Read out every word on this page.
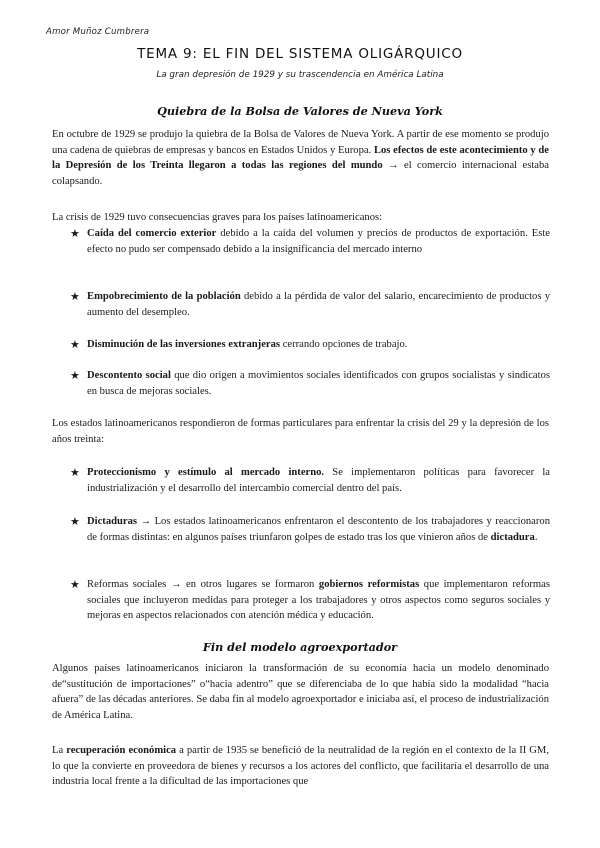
Amor Muñoz Cumbrera
TEMA 9: EL FIN DEL SISTEMA OLIGÁRQUICO
La gran depresión de 1929 y su trascendencia en América Latina
Quiebra de la Bolsa de Valores de Nueva York
En octubre de 1929 se produjo la quiebra de la Bolsa de Valores de Nueva York. A partir de ese momento se produjo una cadena de quiebras de empresas y bancos en Estados Unidos y Europa. Los efectos de este acontecimiento y de la Depresión de los Treinta llegaron a todas las regiones del mundo → el comercio internacional estaba colapsando.
La crisis de 1929 tuvo consecuencias graves para los países latinoamericanos:
★ Caída del comercio exterior debido a la caída del volumen y precios de productos de exportación. Este efecto no pudo ser compensado debido a la insignificancia del mercado interno
★ Empobrecimiento de la población debido a la pérdida de valor del salario, encarecimiento de productos y aumento del desempleo.
★ Disminución de las inversiones extranjeras cerrando opciones de trabajo.
★ Descontento social que dio origen a movimientos sociales identificados con grupos socialistas y sindicatos en busca de mejoras sociales.
Los estados latinoamericanos respondieron de formas particulares para enfrentar la crisis del 29 y la depresión de los años treinta:
★ Proteccionismo y estímulo al mercado interno. Se implementaron políticas para favorecer la industrialización y el desarrollo del intercambio comercial dentro del país.
★ Dictaduras → Los estados latinoamericanos enfrentaron el descontento de los trabajadores y reaccionaron de formas distintas: en algunos países triunfaron golpes de estado tras los que vinieron años de dictadura.
★ Reformas sociales → en otros lugares se formaron gobiernos reformistas que implementaron reformas sociales que incluyeron medidas para proteger a los trabajadores y otros aspectos como seguros sociales y mejoras en aspectos relacionados con atención médica y educación.
Fin del modelo agroexportador
Algunos países latinoamericanos iniciaron la transformación de su economía hacia un modelo denominado de“sustitución de importaciones” o“hacia adentro” que se diferenciaba de lo que había sido la modalidad “hacia afuera” de las décadas anteriores. Se daba fin al modelo agroexportador e iniciaba así, el proceso de industrialización de América Latina.
La recuperación económica a partir de 1935 se benefició de la neutralidad de la región en el contexto de la II GM, lo que la convierte en proveedora de bienes y recursos a los actores del conflicto, que facilitaría el desarrollo de una industria local frente a la dificultad de las importaciones que
